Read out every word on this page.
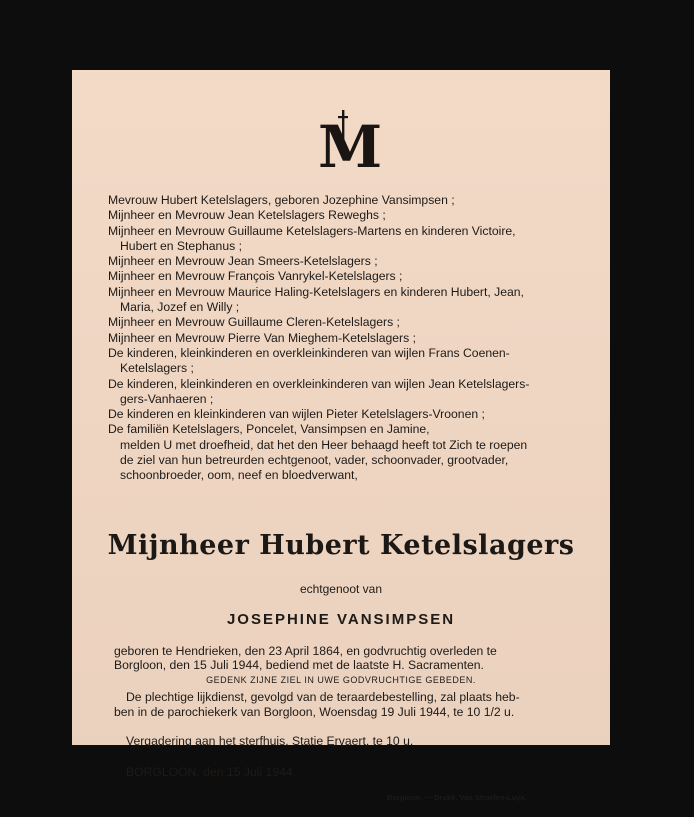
M
Mevrouw Hubert Ketelslagers, geboren Jozephine Vansimpsen ;
Mijnheer en Mevrouw Jean Ketelslagers Reweghs ;
Mijnheer en Mevrouw Guillaume Ketelslagers-Martens en kinderen Victoire,
Hubert en Stephanus ;
Mijnheer en Mevrouw Jean Smeers-Ketelslagers ;
Mijnheer en Mevrouw François Vanrykel-Ketelslagers ;
Mijnheer en Mevrouw Maurice Haling-Ketelslagers en kinderen Hubert, Jean,
Maria, Jozef en Willy ;
Mijnheer en Mevrouw Guillaume Cleren-Ketelslagers ;
Mijnheer en Mevrouw Pierre Van Mieghem-Ketelslagers ;
De kinderen, kleinkinderen en overkleinkinderen van wijlen Frans Coenen-
Ketelslagers ;
De kinderen, kleinkinderen en overkleinkinderen van wijlen Jean Ketelslagers-
gers-Vanhaeren ;
De kinderen en kleinkinderen van wijlen Pieter Ketelslagers-Vroonen ;
De familiën Ketelslagers, Poncelet, Vansimpsen en Jamine,
melden U met droefheid, dat het den Heer behaagd heeft tot Zich te roepen
de ziel van hun betreurden echtgenoot, vader, schoonvader, grootvader,
schoonbroeder, oom, neef en bloedverwant,
Mijnheer Hubert Ketelslagers
echtgenoot van
JOSEPHINE VANSIMPSEN
geboren te Hendrieken, den 23 April 1864, en godvruchtig overleden te
Borgloon, den 15 Juli 1944, bediend met de laatste H. Sacramenten.
GEDENK ZIJNE ZIEL IN UWE GODVRUCHTIGE GEBEDEN.
De plechtige lijkdienst, gevolgd van de teraardebestelling, zal plaats heb-
ben in de parochiekerk van Borgloon, Woensdag 19 Juli 1944, te 10 1/2 u.
Vergadering aan het sterfhuis, Statie Ervaert, te 10 u.
BORGLOON, den 15 Juli 1944.
Borgloon. — Drukk. Van Straelen-Luyx.
